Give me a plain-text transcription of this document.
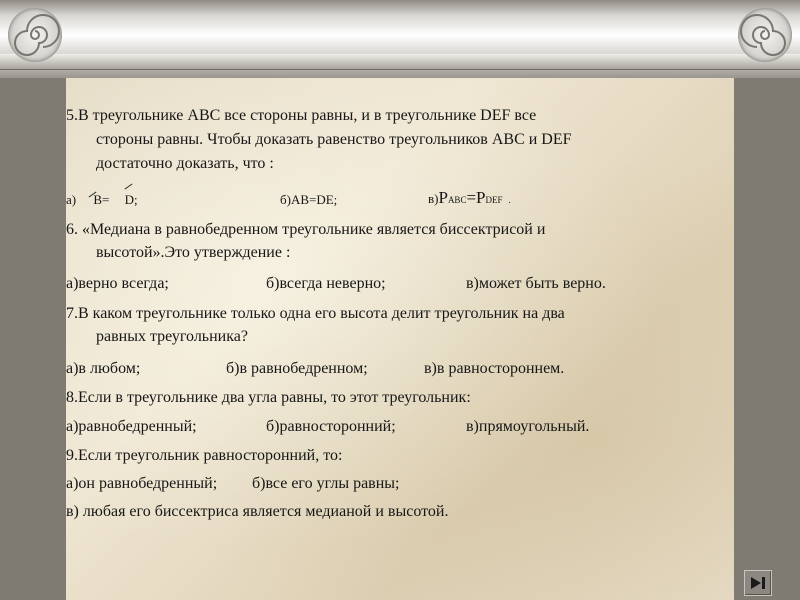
5.В треугольнике АВС все стороны равны, и в треугольнике DEF все
стороны равны. Чтобы доказать равенство треугольников АВС и DEF
достаточно доказать, что :
а) В= D;	б)АВ=DE;	в)PABC=PDEF .
6. «Медиана в равнобедренном треугольнике является биссектрисой и
высотой».Это утверждение :
а)верно всегда;	б)всегда неверно;	в)может быть верно.
7.В каком треугольнике только одна его высота делит треугольник на два
равных треугольника?
а)в любом;	б)в равнобедренном;	в)в равностороннем.
8.Если в треугольнике два угла равны, то этот треугольник:
а)равнобедренный;	б)равносторонний;	в)прямоугольный.
9.Если треугольник равносторонний, то:
а)он равнобедренный; б)все его углы равны;
в) любая его биссектриса является медианой и высотой.
